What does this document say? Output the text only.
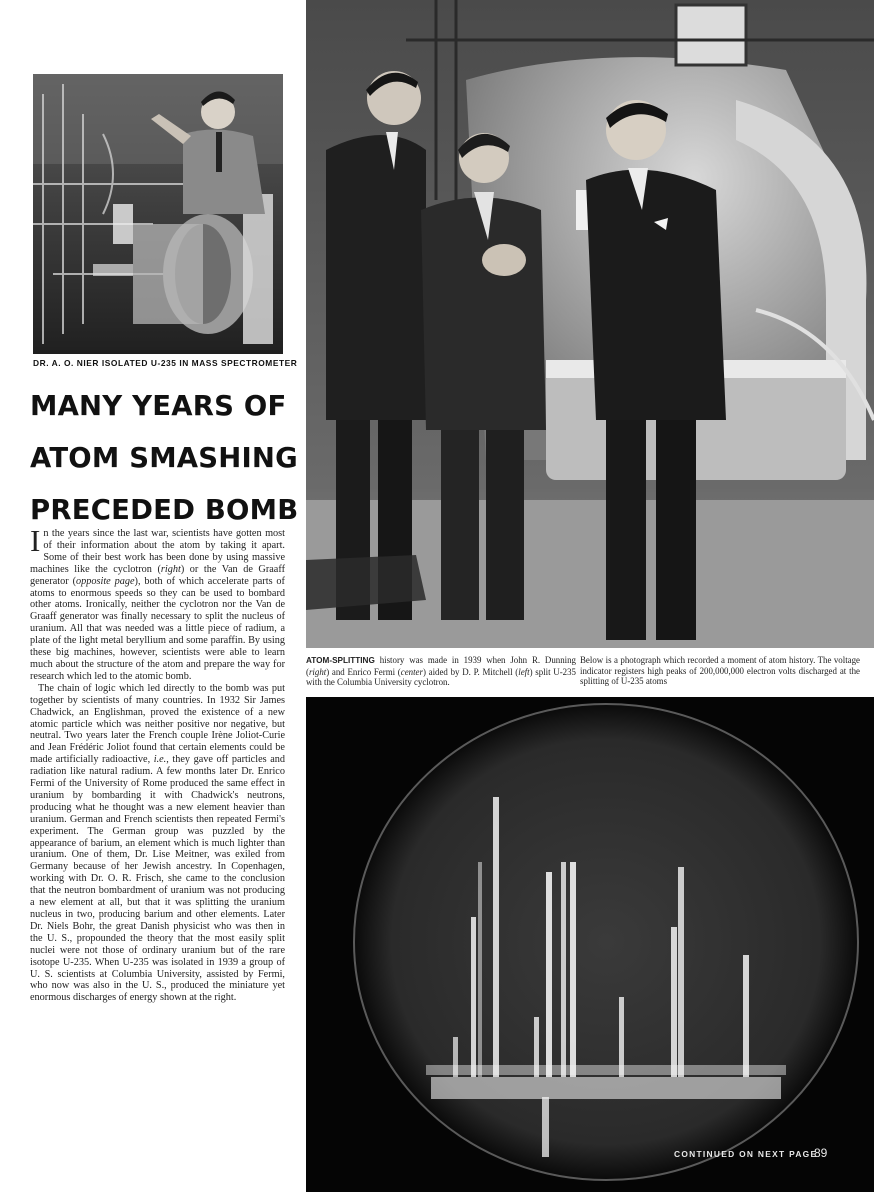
DR. A. O. NIER ISOLATED U-235 IN MASS SPECTROMETER
MANY YEARS OF
ATOM SMASHING
PRECEDED BOMB

In the years since the last war, scientists have gotten most of their information about the atom by taking it apart. Some of their best work has been done by using massive machines like the cyclotron (right) or the Van de Graaff generator (opposite page), both of which accelerate parts of atoms to enormous speeds so they can be used to bombard other atoms. Ironically, neither the cyclotron nor the Van de Graaff generator was finally necessary to split the nucleus of uranium. All that was needed was a little piece of radium, a plate of the light metal beryllium and some paraffin. By using these big machines, however, scientists were able to learn much about the structure of the atom and prepare the way for research which led to the atomic bomb.

The chain of logic which led directly to the bomb was put together by scientists of many countries. In 1932 Sir James Chadwick, an Englishman, proved the existence of a new atomic particle which was neither positive nor negative, but neutral. Two years later the French couple Irène Joliot-Curie and Jean Frédéric Joliot found that certain elements could be made artificially radioactive, i.e., they gave off particles and radiation like natural radium. A few months later Dr. Enrico Fermi of the University of Rome produced the same effect in uranium by bombarding it with Chadwick's neutrons, producing what he thought was a new element heavier than uranium. German and French scientists then repeated Fermi's experiment. The German group was puzzled by the appearance of barium, an element which is much lighter than uranium. One of them, Dr. Lise Meitner, was exiled from Germany because of her Jewish ancestry. In Copenhagen, working with Dr. O. R. Frisch, she came to the conclusion that the neutron bombardment of uranium was not producing a new element at all, but that it was splitting the uranium nucleus in two, producing barium and other elements. Later Dr. Niels Bohr, the great Danish physicist who was then in the U. S., propounded the theory that the most easily split nuclei were not those of ordinary uranium but of the rare isotope U-235. When U-235 was isolated in 1939 a group of U. S. scientists at Columbia University, assisted by Fermi, who now was also in the U. S., produced the miniature yet enormous discharges of energy shown at the right.

ATOM-SPLITTING history was made in 1939 when John R. Dunning (right) and Enrico Fermi (center) aided by D. P. Mitchell (left) split U-235 with the Columbia University cyclotron.
Below is a photograph which recorded a moment of atom history. The voltage indicator registers high peaks of 200,000,000 electron volts discharged at the splitting of U-235 atoms
CONTINUED ON NEXT PAGE
89
